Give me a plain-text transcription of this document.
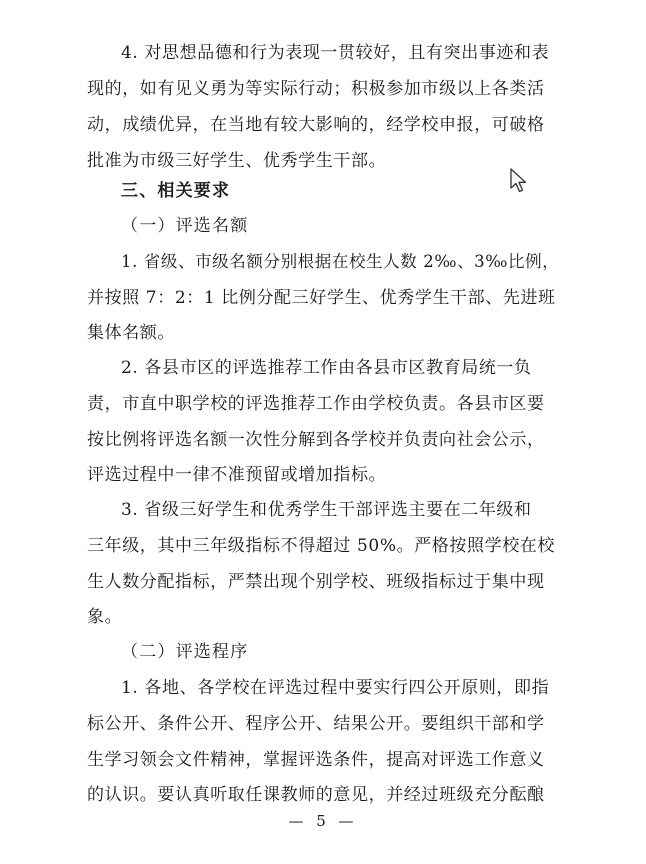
4. 对思想品德和行为表现一贯较好，且有突出事迹和表
现的，如有见义勇为等实际行动；积极参加市级以上各类活
动，成绩优异，在当地有较大影响的，经学校申报，可破格
批准为市级三好学生、优秀学生干部。
三、相关要求
（一）评选名额
1. 省级、市级名额分别根据在校生人数 2‰、3‰比例，
并按照 7：2：1 比例分配三好学生、优秀学生干部、先进班
集体名额。
2. 各县市区的评选推荐工作由各县市区教育局统一负
责，市直中职学校的评选推荐工作由学校负责。各县市区要
按比例将评选名额一次性分解到各学校并负责向社会公示，
评选过程中一律不准预留或增加指标。
3. 省级三好学生和优秀学生干部评选主要在二年级和
三年级，其中三年级指标不得超过 50%。严格按照学校在校
生人数分配指标，严禁出现个别学校、班级指标过于集中现
象。
（二）评选程序
1. 各地、各学校在评选过程中要实行四公开原则，即指
标公开、条件公开、程序公开、结果公开。要组织干部和学
生学习领会文件精神，掌握评选条件，提高对评选工作意义
的认识。要认真听取任课教师的意见，并经过班级充分酝酿
— 5 —
